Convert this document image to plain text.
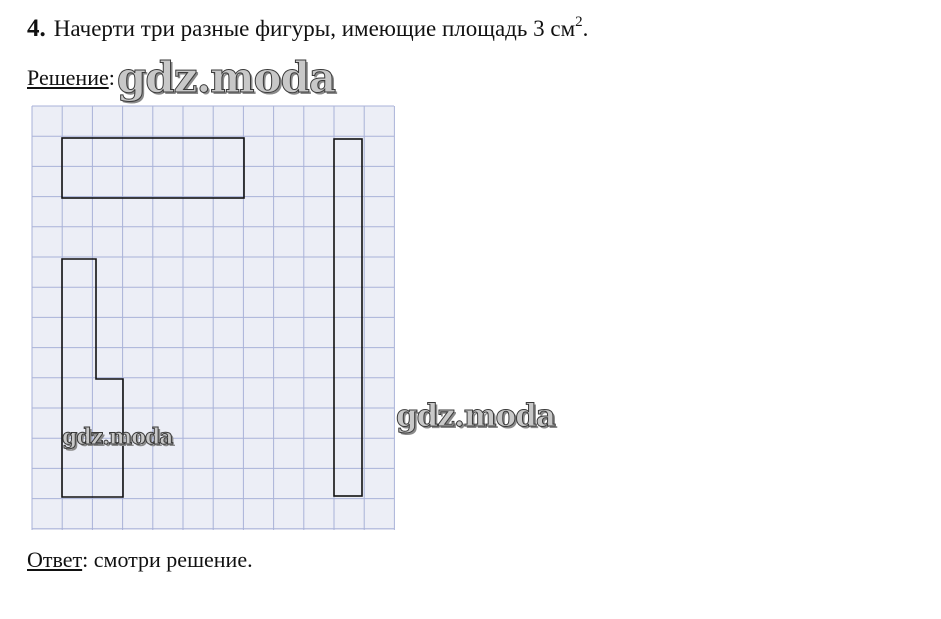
4. Начерти три разные фигуры, имеющие площадь 3 $см^2$.
Решение:gdz.moda
gdz.moda
gdz.moda
Ответ: смотри решение.
